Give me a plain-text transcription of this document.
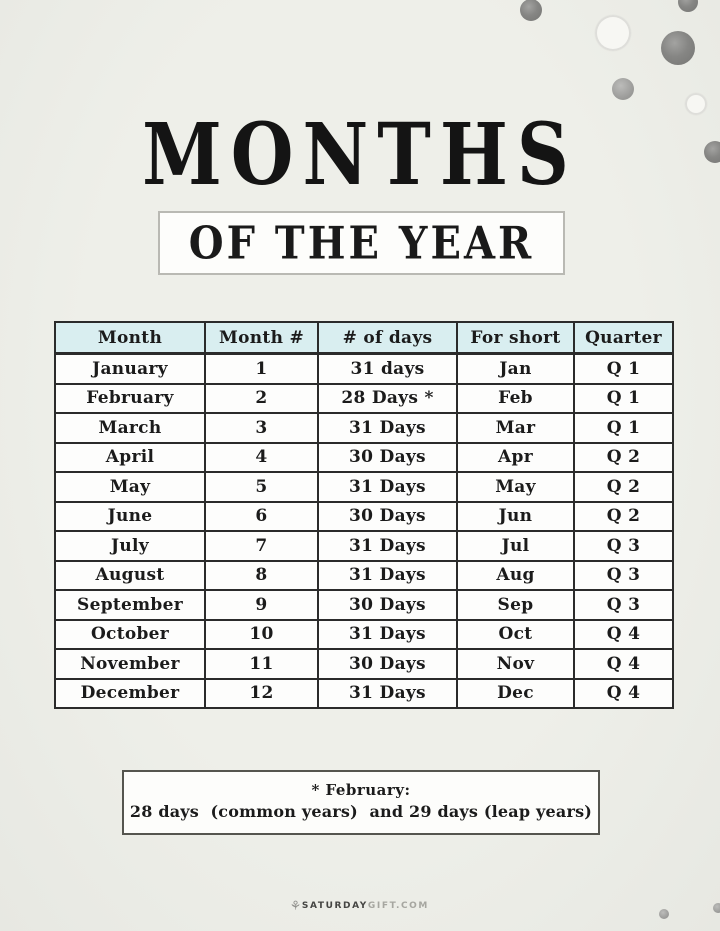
MONTHS
OF THE YEAR
Month	Month #	# of days	For short	Quarter
January	1	31 days	Jan	Q 1
February	2	28 Days *	Feb	Q 1
March	3	31 Days	Mar	Q 1
April	4	30 Days	Apr	Q 2
May	5	31 Days	May	Q 2
June	6	30 Days	Jun	Q 2
July	7	31 Days	Jul	Q 3
August	8	31 Days	Aug	Q 3
September	9	30 Days	Sep	Q 3
October	10	31 Days	Oct	Q 4
November	11	30 Days	Nov	Q 4
December	12	31 Days	Dec	Q 4
* February:
28 days  (common years)  and 29 days (leap years)
⚘ SATURDAYGIFT.COM
